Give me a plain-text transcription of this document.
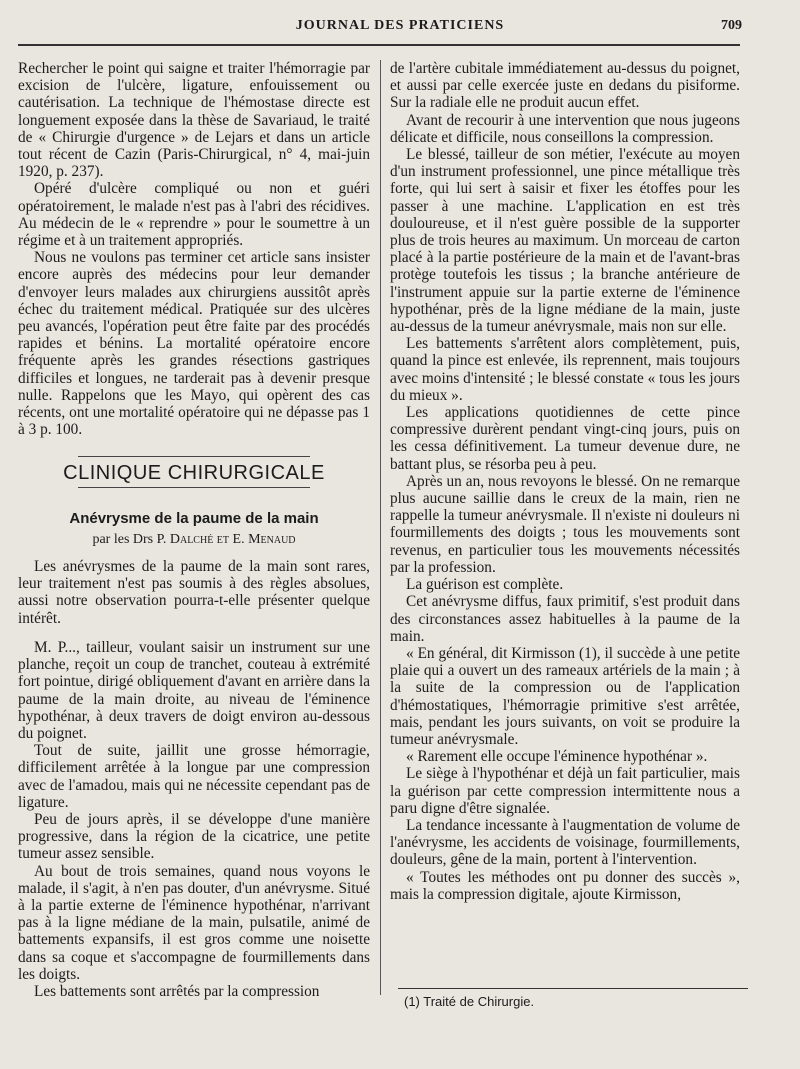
JOURNAL DES PRATICIENS	709

Rechercher le point qui saigne et traiter l'hémorragie par excision de l'ulcère, ligature, enfouissement ou cautérisation. La technique de l'hémostase directe est longuement exposée dans la thèse de Savariaud, le traité de « Chirurgie d'urgence » de Lejars et dans un article tout récent de Cazin (Paris-Chirurgical, n° 4, mai-juin 1920, p. 237).

Opéré d'ulcère compliqué ou non et guéri opératoirement, le malade n'est pas à l'abri des récidives. Au médecin de le « reprendre » pour le soumettre à un régime et à un traitement appropriés.

Nous ne voulons pas terminer cet article sans insister encore auprès des médecins pour leur demander d'envoyer leurs malades aux chirurgiens aussitôt après échec du traitement médical. Pratiquée sur des ulcères peu avancés, l'opération peut être faite par des procédés rapides et bénins. La mortalité opératoire encore fréquente après les grandes résections gastriques difficiles et longues, ne tarderait pas à devenir presque nulle. Rappelons que les Mayo, qui opèrent des cas récents, ont une mortalité opératoire qui ne dépasse pas 1 à 3 p. 100.

CLINIQUE CHIRURGICALE
Anévrysme de la paume de la main
par les Drs P. Dalché et E. Menaud

Les anévrysmes de la paume de la main sont rares, leur traitement n'est pas soumis à des règles absolues, aussi notre observation pourra-t-elle présenter quelque intérêt.

M. P..., tailleur, voulant saisir un instrument sur une planche, reçoit un coup de tranchet, couteau à extrémité fort pointue, dirigé obliquement d'avant en arrière dans la paume de la main droite, au niveau de l'éminence hypothénar, à deux travers de doigt environ au-dessous du poignet.

Tout de suite, jaillit une grosse hémorragie, difficilement arrêtée à la longue par une compression avec de l'amadou, mais qui ne nécessite cependant pas de ligature.

Peu de jours après, il se développe d'une manière progressive, dans la région de la cicatrice, une petite tumeur assez sensible.

Au bout de trois semaines, quand nous voyons le malade, il s'agit, à n'en pas douter, d'un anévrysme. Situé à la partie externe de l'éminence hypothénar, n'arrivant pas à la ligne médiane de la main, pulsatile, animé de battements expansifs, il est gros comme une noisette dans sa coque et s'accompagne de fourmillements dans les doigts.

Les battements sont arrêtés par la compression

de l'artère cubitale immédiatement au-dessus du poignet, et aussi par celle exercée juste en dedans du pisiforme. Sur la radiale elle ne produit aucun effet.

Avant de recourir à une intervention que nous jugeons délicate et difficile, nous conseillons la compression.

Le blessé, tailleur de son métier, l'exécute au moyen d'un instrument professionnel, une pince métallique très forte, qui lui sert à saisir et fixer les étoffes pour les passer à une machine. L'application en est très douloureuse, et il n'est guère possible de la supporter plus de trois heures au maximum. Un morceau de carton placé à la partie postérieure de la main et de l'avant-bras protège toutefois les tissus ; la branche antérieure de l'instrument appuie sur la partie externe de l'éminence hypothénar, près de la ligne médiane de la main, juste au-dessus de la tumeur anévrysmale, mais non sur elle.

Les battements s'arrêtent alors complètement, puis, quand la pince est enlevée, ils reprennent, mais toujours avec moins d'intensité ; le blessé constate « tous les jours du mieux ».

Les applications quotidiennes de cette pince compressive durèrent pendant vingt-cinq jours, puis on les cessa définitivement. La tumeur devenue dure, ne battant plus, se résorba peu à peu.

Après un an, nous revoyons le blessé. On ne remarque plus aucune saillie dans le creux de la main, rien ne rappelle la tumeur anévrysmale. Il n'existe ni douleurs ni fourmillements des doigts ; tous les mouvements sont revenus, en particulier tous les mouvements nécessités par la profession.

La guérison est complète.

Cet anévrysme diffus, faux primitif, s'est produit dans des circonstances assez habituelles à la paume de la main.

« En général, dit Kirmisson (1), il succède à une petite plaie qui a ouvert un des rameaux artériels de la main ; à la suite de la compression ou de l'application d'hémostatiques, l'hémorragie primitive s'est arrêtée, mais, pendant les jours suivants, on voit se produire la tumeur anévrysmale.

« Rarement elle occupe l'éminence hypothénar ».

Le siège à l'hypothénar et déjà un fait particulier, mais la guérison par cette compression intermittente nous a paru digne d'être signalée.

La tendance incessante à l'augmentation de volume de l'anévrysme, les accidents de voisinage, fourmillements, douleurs, gêne de la main, portent à l'intervention.

« Toutes les méthodes ont pu donner des succès », mais la compression digitale, ajoute Kirmisson,

(1) Traité de Chirurgie.
